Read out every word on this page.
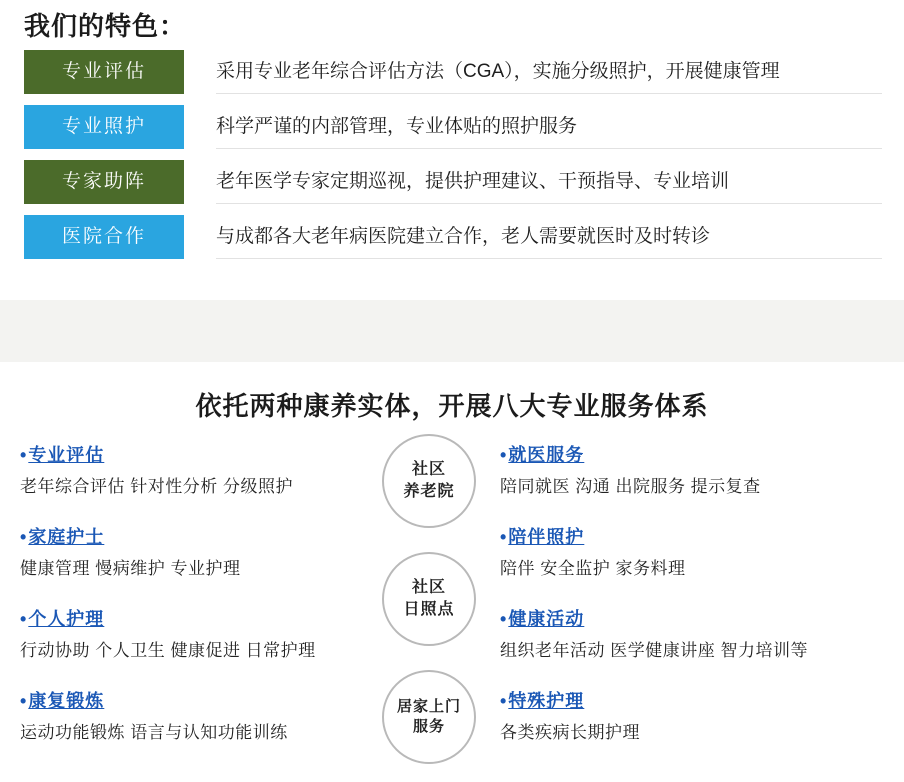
我们的特色：
专业评估	采用专业老年综合评估方法（CGA），实施分级照护，开展健康管理
专业照护	科学严谨的内部管理，专业体贴的照护服务
专家助阵	老年医学专家定期巡视，提供护理建议、干预指导、专业培训
医院合作	与成都各大老年病医院建立合作，老人需要就医时及时转诊
依托两种康养实体，开展八大专业服务体系
•专业评估
老年综合评估 针对性分析 分级照护
•家庭护士
健康管理 慢病维护 专业护理
•个人护理
行动协助 个人卫生 健康促进 日常护理
•康复锻炼
运动功能锻炼 语言与认知功能训练
社区
养老院
社区
日照点
居家上门
服务
•就医服务
陪同就医 沟通 出院服务 提示复查
•陪伴照护
陪伴 安全监护 家务料理
•健康活动
组织老年活动 医学健康讲座 智力培训等
•特殊护理
各类疾病长期护理
